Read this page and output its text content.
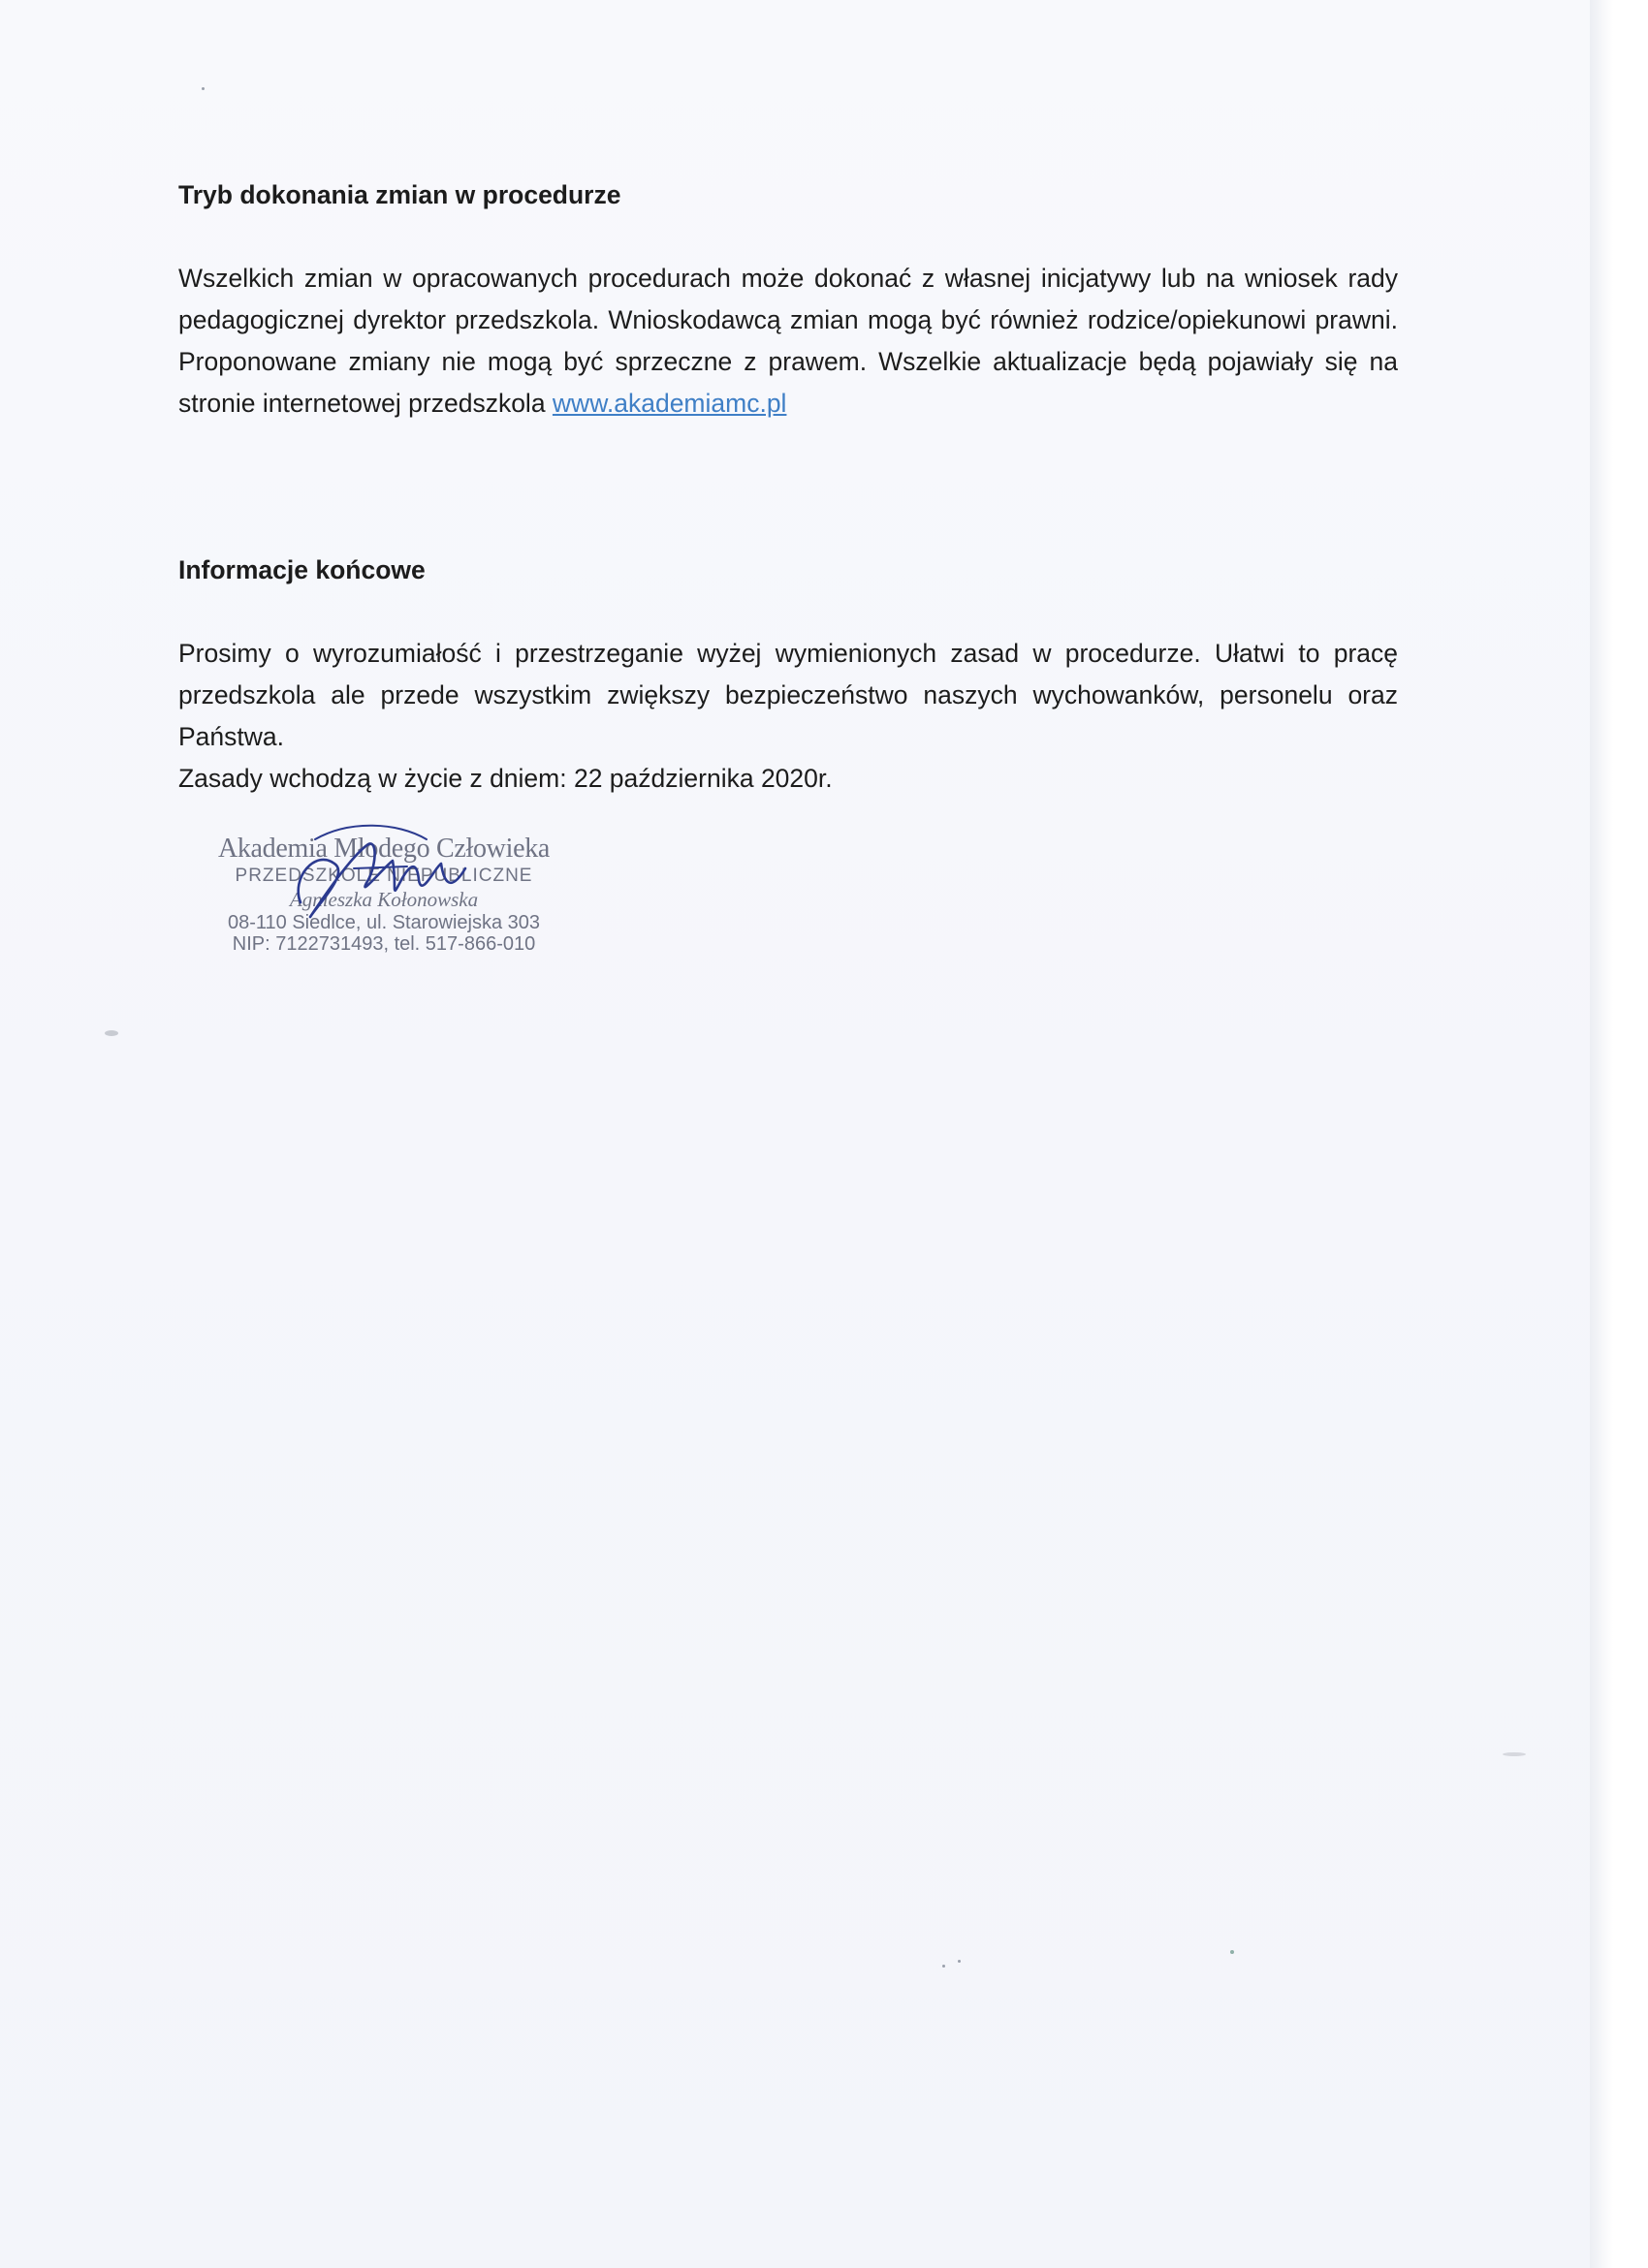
Tryb dokonania zmian w procedurze

Wszelkich zmian w opracowanych procedurach może dokonać z własnej inicjatywy lub na wniosek rady pedagogicznej dyrektor przedszkola. Wnioskodawcą zmian mogą być również rodzice/opiekunowi prawni. Proponowane zmiany nie mogą być sprzeczne z prawem. Wszelkie aktualizacje będą pojawiały się na stronie internetowej przedszkola www.akademiamc.pl

Informacje końcowe

Prosimy o wyrozumiałość i przestrzeganie wyżej wymienionych zasad w procedurze. Ułatwi to pracę przedszkola ale przede wszystkim zwiększy bezpieczeństwo naszych wychowanków, personelu oraz Państwa.

Zasady wchodzą w życie z dniem: 22 października 2020r.

Akademia Młodego Człowieka
PRZEDSZKOLE NIEPUBLICZNE
Agnieszka Kołonowska
08-110 Siedlce, ul. Starowiejska 303
NIP: 7122731493, tel. 517-866-010
